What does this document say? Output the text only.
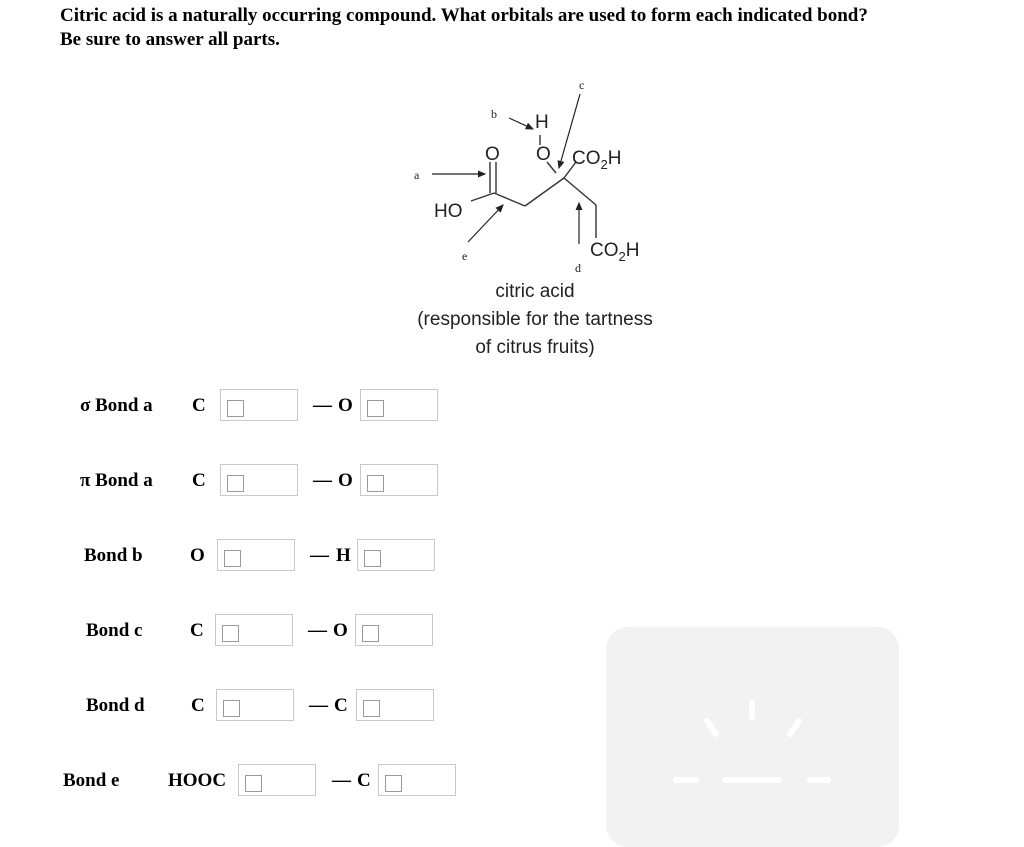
Citric acid is a naturally occurring compound. What orbitals are used to form each indicated bond?
Be sure to answer all parts.
HO
O O
H
$CO_2H$
$CO_2H$
a
b
c
d
e
citric acid
(responsible for the tartness
of citrus fruits)
σ Bond a C	— O
π Bond a C	— O
Bond b O	— H
Bond c	C	— O
Bond d C	— C
Bond e	HOOC	— C
